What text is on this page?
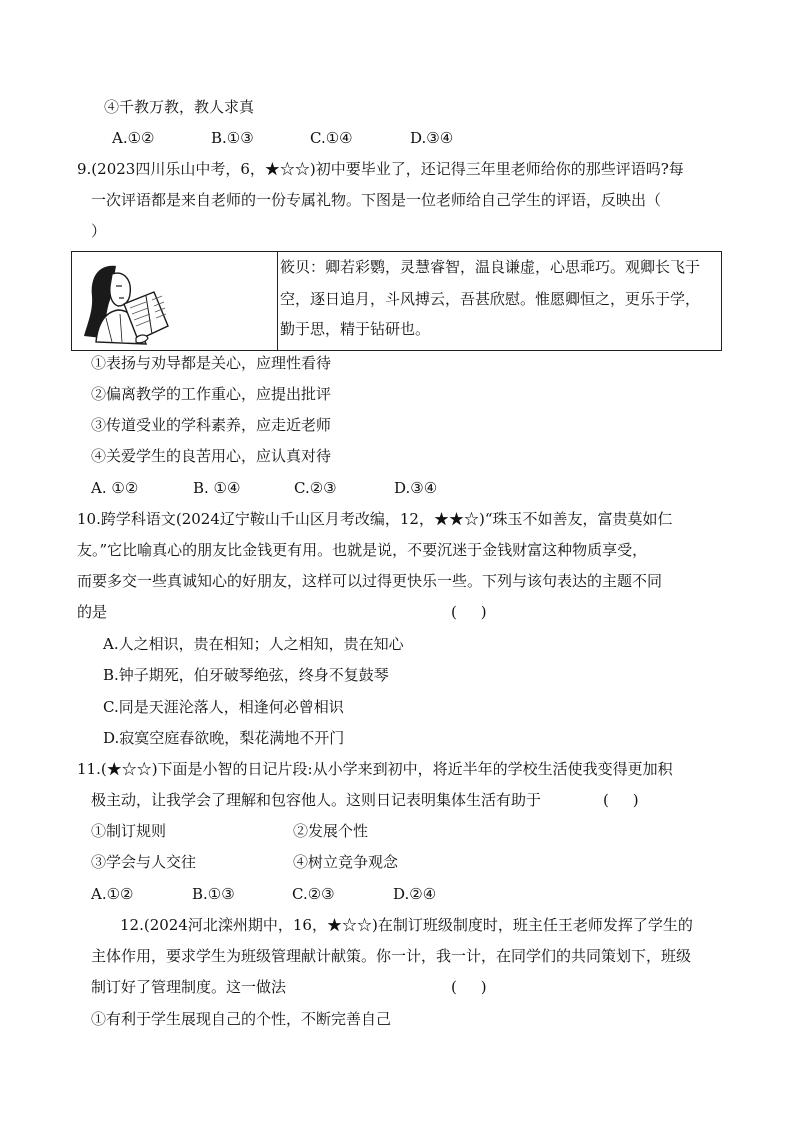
④千教万教，教人求真

A.①②

	B.①③

	C.①④

	D.③④

9.(2023四川乐山中考，6，★☆☆)初中要毕业了，还记得三年里老师给你的那些评语吗?每
一次评语都是来自老师的一份专属礼物。下图是一位老师给自己学生的评语，反映出（
）
筱贝：卿若彩鹦，灵慧睿智，温良谦虚，心思乖巧。观卿长飞于
空，逐日追月，斗风搏云，吾甚欣慰。惟愿卿恒之，更乐于学，
勤于思，精于钻研也。
①表扬与劝导都是关心，应理性看待
②偏离教学的工作重心，应提出批评
③传道受业的学科素养，应走近老师
④关爱学生的良苦用心，应认真对待

A. ①②

	B. ①④

	C.②③

	D.③④

10.跨学科语文(2024辽宁鞍山千山区月考改编，12，★★☆)“珠玉不如善友，富贵莫如仁
友。”它比喻真心的朋友比金钱更有用。也就是说，不要沉迷于金钱财富这种物质享受，
而要多交一些真诚知心的好朋友，这样可以过得更快乐一些。下列与该句表达的主题不同
的是	(     )
A.人之相识，贵在相知；人之相知，贵在知心
B.钟子期死，伯牙破琴绝弦，终身不复鼓琴
C.同是天涯沦落人，相逢何必曾相识
D.寂寞空庭春欲晚，梨花满地不开门
11.(★☆☆)下面是小智的日记片段:从小学来到初中，将近半年的学校生活使我变得更加积
极主动，让我学会了理解和包容他人。这则日记表明集体生活有助于	(     )
①制订规则	②发展个性
③学会与人交往	④树立竞争观念

A.①②

	B.①③

	C.②③

	D.②④

12.(2024河北滦州期中，16，★☆☆)在制订班级制度时，班主任王老师发挥了学生的
主体作用，要求学生为班级管理献计献策。你一计，我一计，在同学们的共同策划下，班级
制订好了管理制度。这一做法	(     )
①有利于学生展现自己的个性，不断完善自己
